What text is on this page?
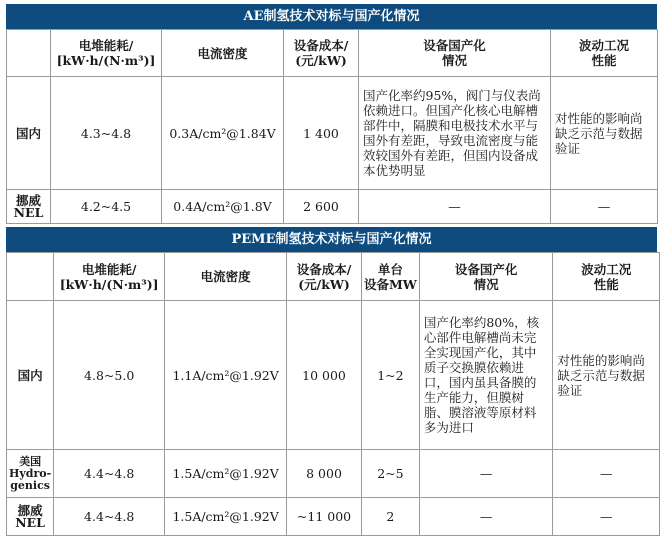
AE制氢技术对标与国产化情况
	电堆能耗/
[kW·h/(N·m³)]	电流密度	设备成本/
(元/kW)	设备国产化
情况	波动工况
性能
国内	4.3~4.8	0.3A/cm²@1.84V	1 400	国产化率约95%，阀门与仪表尚依赖进口。但国产化核心电解槽部件中，隔膜和电极技术水平与国外有差距，导致电流密度与能效较国外有差距，但国内设备成本优势明显	对性能的影响尚缺乏示范与数据验证
挪威
NEL	4.2~4.5	0.4A/cm²@1.8V	2 600	—	—
PEME制氢技术对标与国产化情况
	电堆能耗/
[kW·h/(N·m³)]	电流密度	设备成本/
(元/kW)	单台
设备MW	设备国产化
情况	波动工况
性能
国内	4.8~5.0	1.1A/cm²@1.92V	10 000	1~2	国产化率约80%，核心部件电解槽尚未完全实现国产化，其中质子交换膜依赖进口，国内虽具备膜的生产能力，但膜树脂、膜溶液等原材料多为进口	对性能的影响尚缺乏示范与数据验证
美国
Hydro-
genics	4.4~4.8	1.5A/cm²@1.92V	8 000	2~5	—	—
挪威
NEL	4.4~4.8	1.5A/cm²@1.92V	~11 000	2	—	—
